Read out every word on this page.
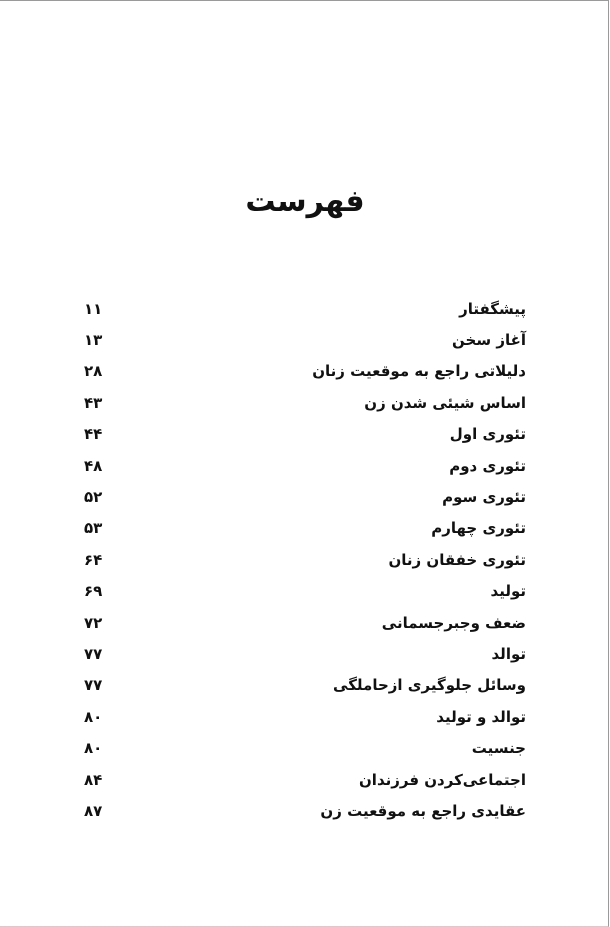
فهرست
پیشگفتار
۱۱
آغاز سخن
۱۳
دلیلاتی راجع به موقعیت زنان
۲۸
اساس شیئی شدن زن
۴۳
تئوری اول
۴۴
تئوری دوم
۴۸
تئوری سوم
۵۲
تئوری چهارم
۵۳
تئوری خفقان زنان
۶۴
تولید
۶۹
ضعف وجبرجسمانی
۷۲
توالد
۷۷
وسائل جلوگیری ازحاملگی
۷۷
توالد و تولید
۸۰
جنسیت
۸۰
اجتماعی‌کردن فرزندان
۸۴
عقایدی راجع به موقعیت زن
۸۷
